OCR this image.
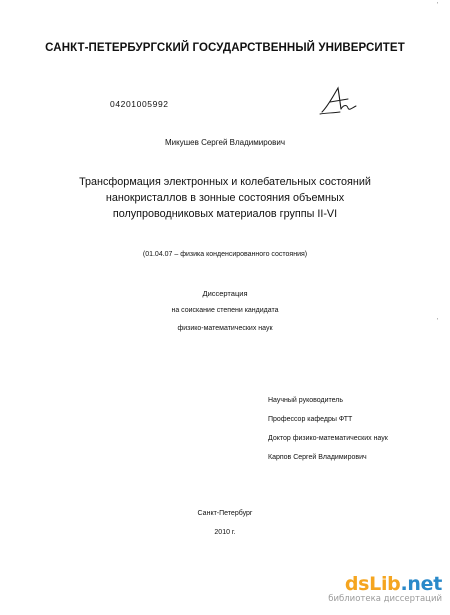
САНКТ-ПЕТЕРБУРГСКИЙ ГОСУДАРСТВЕННЫЙ УНИВЕРСИТЕТ
04201005992
Микушев Сергей Владимирович
Трансформация электронных и колебательных состояний
нанокристаллов в зонные состояния объемных
полупроводниковых материалов группы II-VI
(01.04.07 – физика конденсированного состояния)
Диссертация
на соискание степени кандидата
физико-математических наук
Научный руководитель
Профессор кафедры ФТТ
Доктор физико-математических наук
Карпов Сергей Владимирович
Санкт-Петербург
2010 г.
'
'
dsLib.net
библиотека диссертаций
